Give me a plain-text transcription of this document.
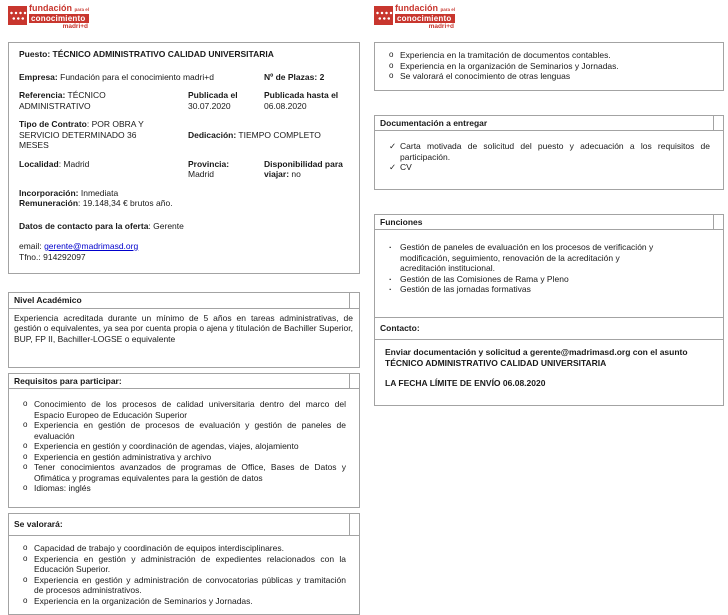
fundación para el
conocimiento
madri+d
Puesto: TÉCNICO ADMINISTRATIVO CALIDAD UNIVERSITARIA
Empresa: Fundación para el conocimiento madri+d	Nº de Plazas: 2
Referencia: TÉCNICO ADMINISTRATIVO
Publicada el
30.07.2020
Publicada hasta el
06.08.2020
Tipo de Contrato: POR OBRA Y SERVICIO DETERMINADO 36 MESES
Dedicación: TIEMPO COMPLETO
Localidad: Madrid	Provincia:
Madrid
Disponibilidad para
viajar: no
Incorporación: Inmediata
Remuneración: 19.148,34 € brutos año.
Datos de contacto para la oferta: Gerente
email: gerente@madrimasd.org
Tfno.: 914292097
Nivel Académico
Experiencia acreditada durante un mínimo de 5 años en tareas administrativas, de gestión o equivalentes, ya sea por cuenta propia o ajena y titulación de Bachiller Superior, BUP, FP II, Bachiller-LOGSE o equivalente
Requisitos para participar:
o Conocimiento de los procesos de calidad universitaria dentro del marco del Espacio Europeo de Educación Superior
o Experiencia en gestión de procesos de evaluación y gestión de paneles de evaluación
o Experiencia en gestión y coordinación de agendas, viajes, alojamiento
o Experiencia en gestión administrativa y archivo
o Tener conocimientos avanzados de programas de Office, Bases de Datos y Ofimática y programas equivalentes para la gestión de datos
o Idiomas: inglés
Se valorará:
o Capacidad de trabajo y coordinación de equipos interdisciplinares.
o Experiencia en gestión y administración de expedientes relacionados con la Educación Superior.
o Experiencia en gestión y administración de convocatorias públicas y tramitación de procesos administrativos.
o Experiencia en la organización de Seminarios y Jornadas.
fundación para el
conocimiento
madri+d
o Experiencia en la tramitación de documentos contables.
o Experiencia en la organización de Seminarios y Jornadas.
o Se valorará el conocimiento de otras lenguas
Documentación a entregar
✓ Carta motivada de solicitud del puesto y adecuación a los requisitos de participación.
✓ CV
Funciones
· Gestión de paneles de evaluación en los procesos de verificación y modificación, seguimiento, renovación de la acreditación y acreditación institucional.
· Gestión de las Comisiones de Rama y Pleno
· Gestión de las jornadas formativas
Contacto:
Enviar documentación y solicitud a gerente@madrimasd.org con el asunto TÉCNICO ADMINISTRATIVO CALIDAD UNIVERSITARIA
LA FECHA LÍMITE DE ENVÍO 06.08.2020
